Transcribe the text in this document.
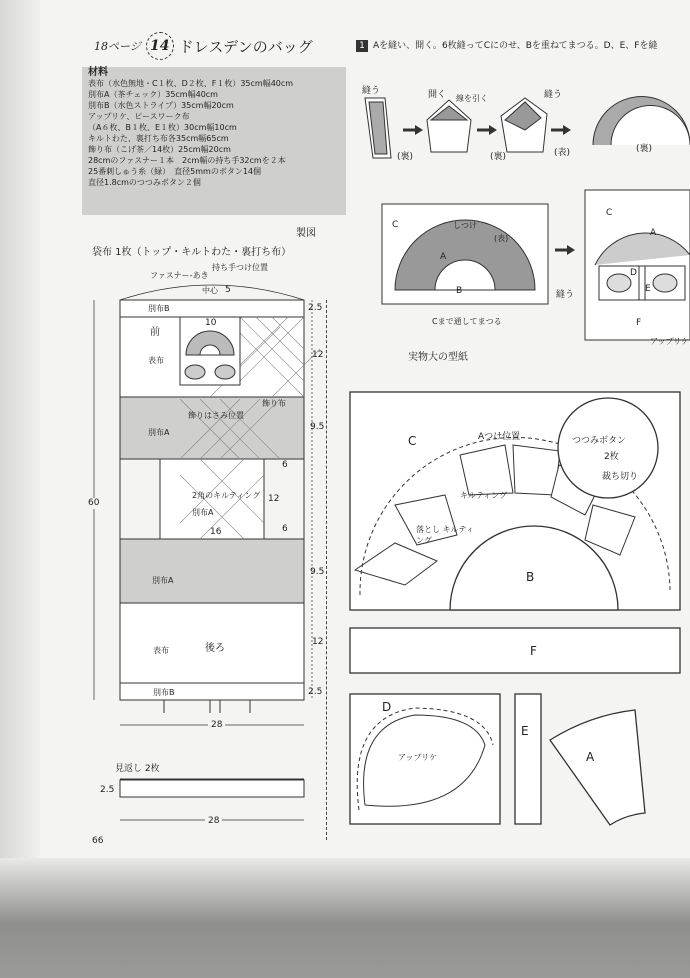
18ページ 14 ドレスデンのバッグ
材料
表布（水色無地・C１枚、D２枚、F１枚）35cm幅40cm
別布A（茶チェック）35cm幅40cm
別布B（水色ストライプ）35cm幅20cm
アップリケ、ピースワーク布
（A６枚、B１枚、E１枚）30cm幅10cm
キルトわた、裏打ち布各35cm幅65cm
飾り布（こげ茶／14枚）25cm幅20cm
28cmのファスナー１本　2cm幅の持ち手32cmを２本
25番刺しゅう糸（緑）　直径5mmのボタン14個
直径1.8cmのつつみボタン２個
製図
袋布 1枚（トップ・キルトわた・裏打ち布）
持ち手つけ位置
ファスナー-あき
中心 5
別布B	2.5
10
前
表布
12
飾り布
飾りはさみ位置
別布A
9.5
6
2角のキルティング
別布A
12
16	6
別布A
9.5
表布	後ろ
12
別布B	2.5
60
28
見返し 2枚
2.5
28
66
1 Aを縫い、開く。6枚縫ってCにのせ、Bを重ねてまつる。D、E、Fを縫
縫う	開く 線を引く	縫う
(裏)	(裏)	(表)	(裏)
しつけ
(表)
Cまで通してまつる
縫う
アップリケ
C
A
B
C
A
D
E
F
実物大の型紙
C	Aつけ位置	つつみボタン
2枚
裁ち切り
キルティング
落とし キルティング
B
F
D
アップリケ
E
A
